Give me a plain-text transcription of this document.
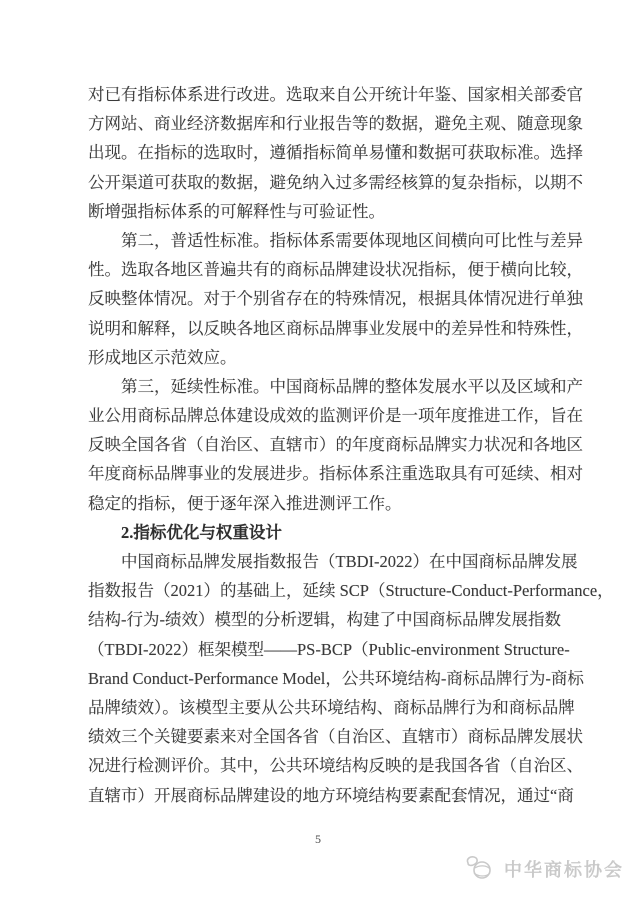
对已有指标体系进行改进。选取来自公开统计年鉴、国家相关部委官
方网站、商业经济数据库和行业报告等的数据，避免主观、随意现象
出现。在指标的选取时，遵循指标简单易懂和数据可获取标准。选择
公开渠道可获取的数据，避免纳入过多需经核算的复杂指标，以期不
断增强指标体系的可解释性与可验证性。
第二，普适性标准。指标体系需要体现地区间横向可比性与差异
性。选取各地区普遍共有的商标品牌建设状况指标，便于横向比较，
反映整体情况。对于个别省存在的特殊情况，根据具体情况进行单独
说明和解释，以反映各地区商标品牌事业发展中的差异性和特殊性，
形成地区示范效应。
第三，延续性标准。中国商标品牌的整体发展水平以及区域和产
业公用商标品牌总体建设成效的监测评价是一项年度推进工作，旨在
反映全国各省（自治区、直辖市）的年度商标品牌实力状况和各地区
年度商标品牌事业的发展进步。指标体系注重选取具有可延续、相对
稳定的指标，便于逐年深入推进测评工作。
2.指标优化与权重设计
中国商标品牌发展指数报告（TBDI-2022）在中国商标品牌发展
指数报告（2021）的基础上，延续 SCP（Structure-Conduct-Performance，
结构-行为-绩效）模型的分析逻辑，构建了中国商标品牌发展指数
（TBDI-2022）框架模型——PS-BCP（Public-environment Structure-
Brand Conduct-Performance Model，公共环境结构-商标品牌行为-商标
品牌绩效）。该模型主要从公共环境结构、商标品牌行为和商标品牌
绩效三个关键要素来对全国各省（自治区、直辖市）商标品牌发展状
况进行检测评价。其中，公共环境结构反映的是我国各省（自治区、
直辖市）开展商标品牌建设的地方环境结构要素配套情况，通过“商
5
中华商标协会
